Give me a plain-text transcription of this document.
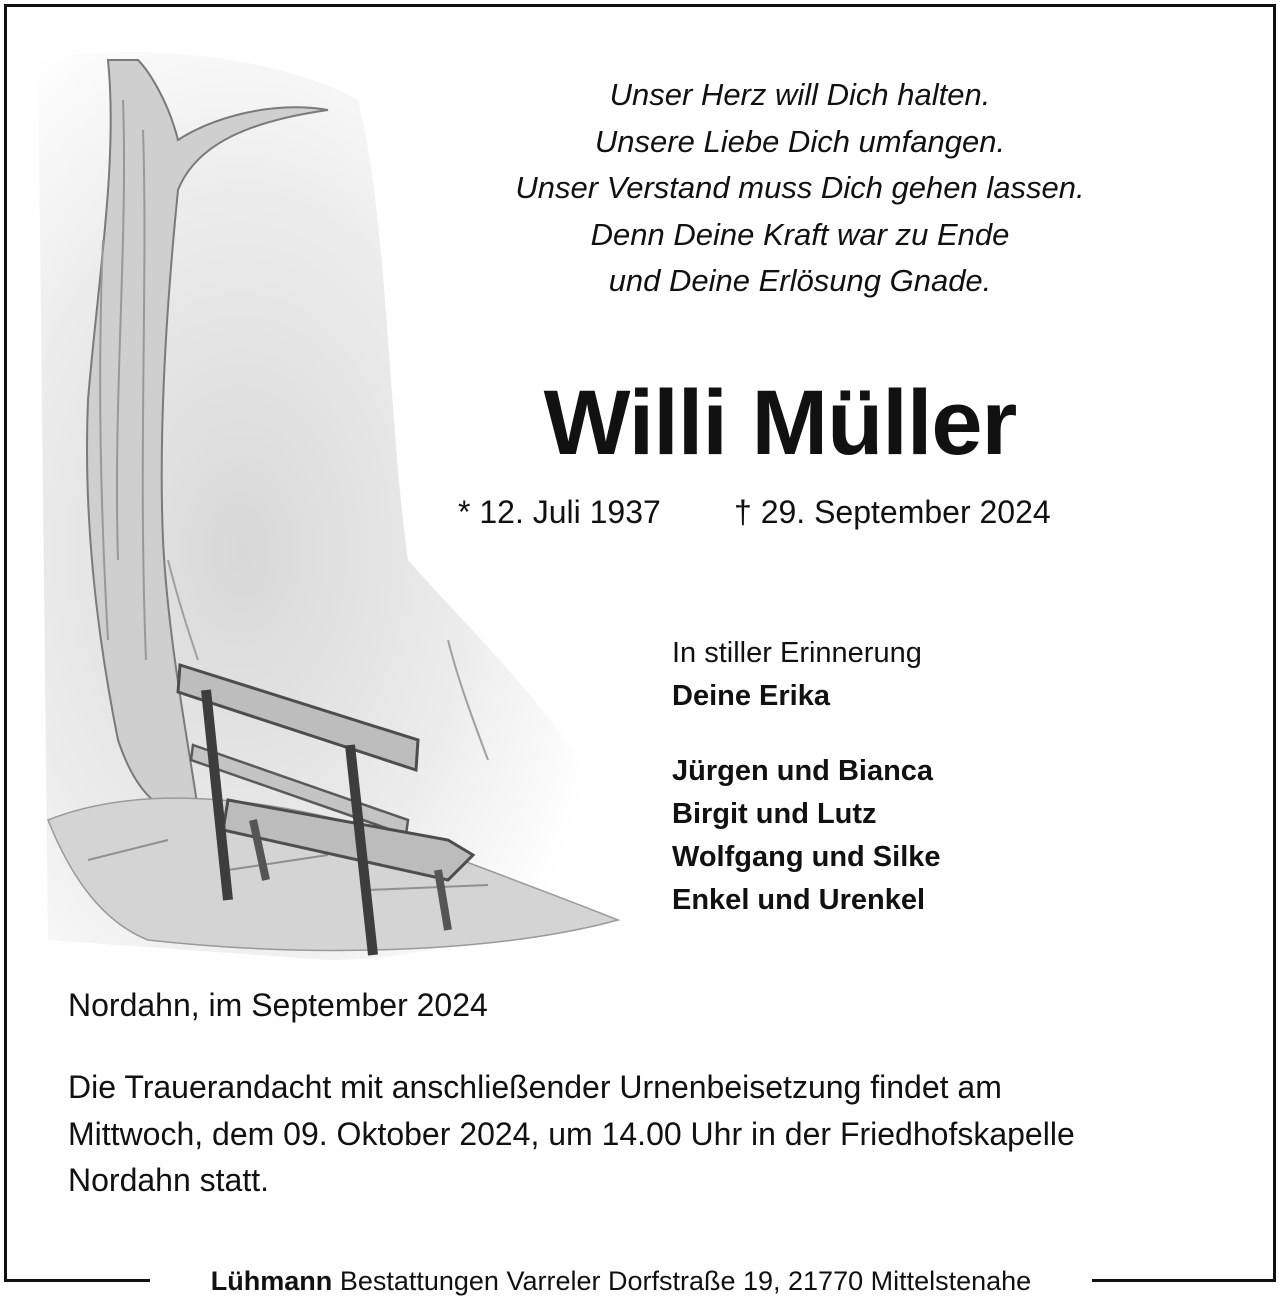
Unser Herz will Dich halten.
Unsere Liebe Dich umfangen.
Unser Verstand muss Dich gehen lassen.
Denn Deine Kraft war zu Ende
und Deine Erlösung Gnade.
Willi Müller
* 12. Juli 1937 † 29. September 2024
In stiller Erinnerung
Deine Erika
Jürgen und Bianca
Birgit und Lutz
Wolfgang und Silke
Enkel und Urenkel
Nordahn, im September 2024
Die Trauerandacht mit anschließender Urnenbeisetzung findet am
Mittwoch, dem 09. Oktober 2024, um 14.00 Uhr in der Friedhofskapelle
Nordahn statt.
Lühmann Bestattungen Varreler Dorfstraße 19, 21770 Mittelstenahe
